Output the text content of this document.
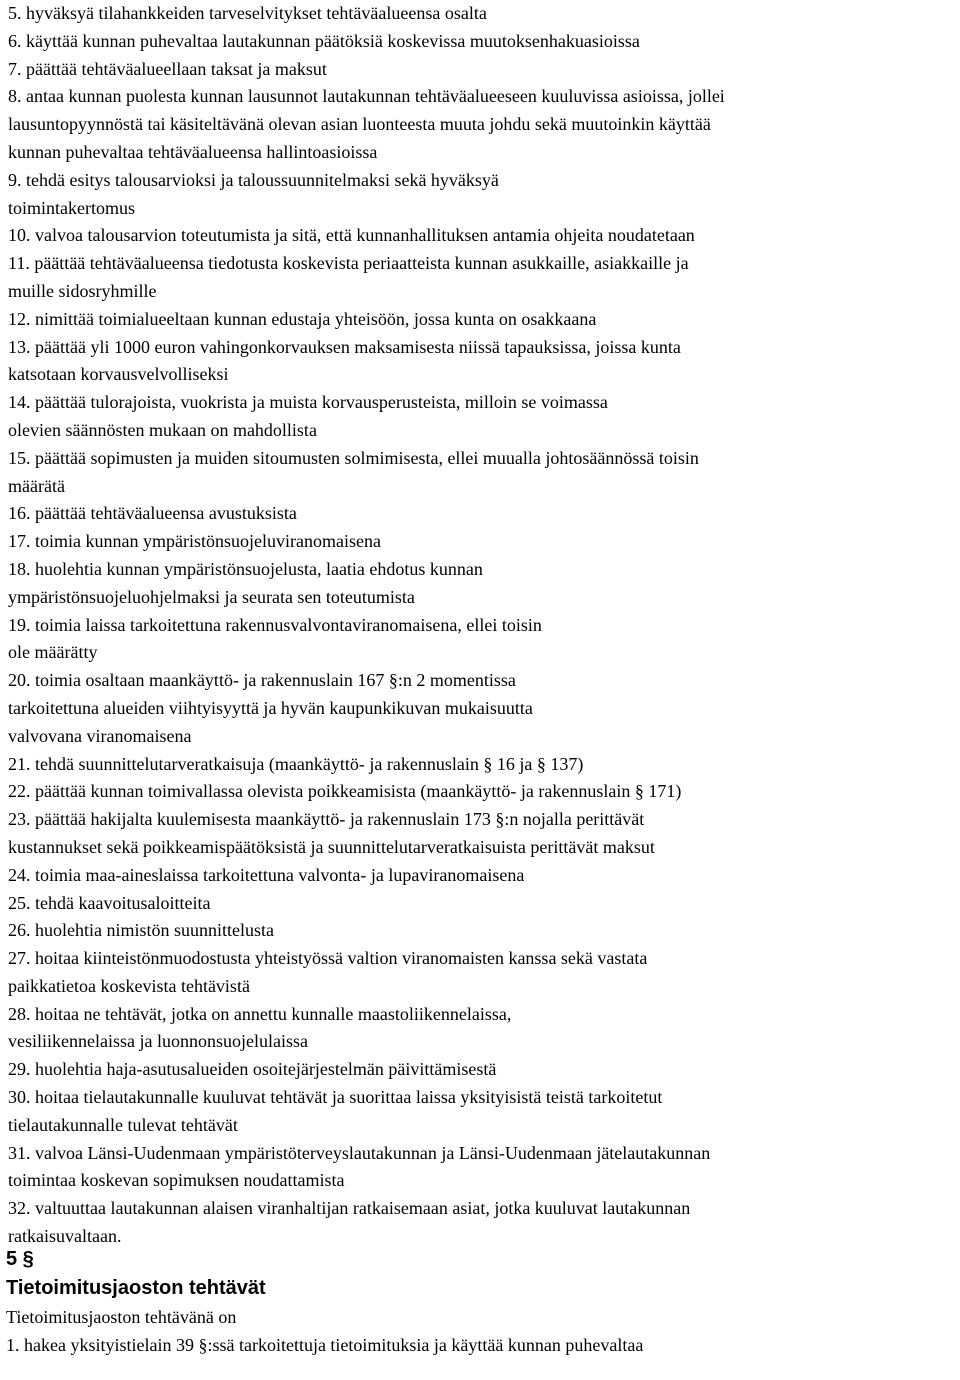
5. hyväksyä tilahankkeiden tarveselvitykset tehtäväalueensa osalta
6. käyttää kunnan puhevaltaa lautakunnan päätöksiä koskevissa muutoksenhakuasioissa
7. päättää tehtäväalueellaan taksat ja maksut
8. antaa kunnan puolesta kunnan lausunnot lautakunnan tehtäväalueeseen kuuluvissa asioissa, jollei
lausuntopyynnöstä tai käsiteltävänä olevan asian luonteesta muuta johdu sekä muutoinkin käyttää
kunnan puhevaltaa tehtäväalueensa hallintoasioissa
9. tehdä esitys talousarvioksi ja taloussuunnitelmaksi sekä hyväksyä
toimintakertomus
10. valvoa talousarvion toteutumista ja sitä, että kunnanhallituksen antamia ohjeita noudatetaan
11. päättää tehtäväalueensa tiedotusta koskevista periaatteista kunnan asukkaille, asiakkaille ja
muille sidosryhmille
12. nimittää toimialueeltaan kunnan edustaja yhteisöön, jossa kunta on osakkaana
13. päättää yli 1000 euron vahingonkorvauksen maksamisesta niissä tapauksissa, joissa kunta
katsotaan korvausvelvolliseksi
14. päättää tulorajoista, vuokrista ja muista korvausperusteista, milloin se voimassa
olevien säännösten mukaan on mahdollista
15. päättää sopimusten ja muiden sitoumusten solmimisesta, ellei muualla johtosäännössä toisin
määrätä
16. päättää tehtäväalueensa avustuksista
17. toimia kunnan ympäristönsuojeluviranomaisena
18. huolehtia kunnan ympäristönsuojelusta, laatia ehdotus kunnan
ympäristönsuojeluohjelmaksi ja seurata sen toteutumista
19. toimia laissa tarkoitettuna rakennusvalvontaviranomaisena, ellei toisin
ole määrätty
20. toimia osaltaan maankäyttö- ja rakennuslain 167 §:n 2 momentissa
tarkoitettuna alueiden viihtyisyyttä ja hyvän kaupunkikuvan mukaisuutta
valvovana viranomaisena
21. tehdä suunnittelutarveratkaisuja (maankäyttö- ja rakennuslain § 16 ja § 137)
22. päättää kunnan toimivallassa olevista poikkeamisista (maankäyttö- ja rakennuslain § 171)
23. päättää hakijalta kuulemisesta maankäyttö- ja rakennuslain 173 §:n nojalla perittävät
kustannukset sekä poikkeamispäätöksistä ja suunnittelutarveratkaisuista perittävät maksut
24. toimia maa-aineslaissa tarkoitettuna valvonta- ja lupaviranomaisena
25. tehdä kaavoitusaloitteita
26. huolehtia nimistön suunnittelusta
27. hoitaa kiinteistönmuodostusta yhteistyössä valtion viranomaisten kanssa sekä vastata
paikkatietoa koskevista tehtävistä
28. hoitaa ne tehtävät, jotka on annettu kunnalle maastoliikennelaissa,
vesiliikennelaissa ja luonnonsuojelulaissa
29. huolehtia haja-asutusalueiden osoitejärjestelmän päivittämisestä
30. hoitaa tielautakunnalle kuuluvat tehtävät ja suorittaa laissa yksityisistä teistä tarkoitetut
tielautakunnalle tulevat tehtävät
31. valvoa Länsi-Uudenmaan ympäristöterveyslautakunnan ja Länsi-Uudenmaan jätelautakunnan
toimintaa koskevan sopimuksen noudattamista
32. valtuuttaa lautakunnan alaisen viranhaltijan ratkaisemaan asiat, jotka kuuluvat lautakunnan
ratkaisuvaltaan.
5 §
Tietoimitusjaoston tehtävät
Tietoimitusjaoston tehtävänä on
1. hakea yksityistielain 39 §:ssä tarkoitettuja tietoimituksia ja käyttää kunnan puhevaltaa
